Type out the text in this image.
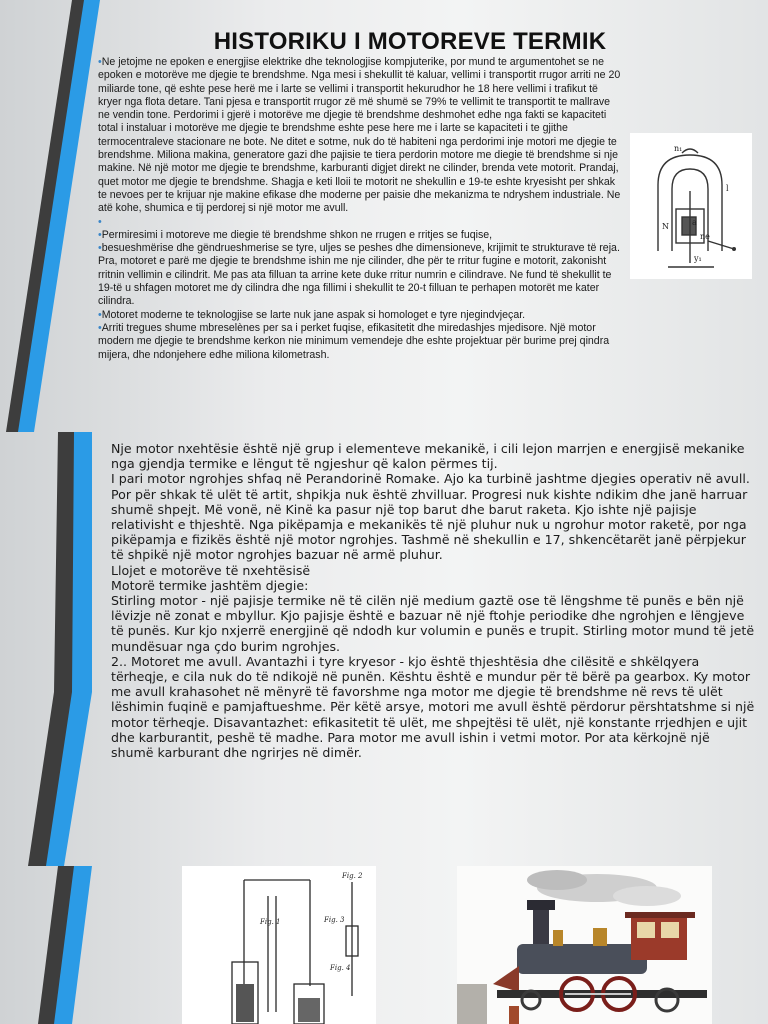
HISTORIKU I MOTOREVE TERMIK

•Ne jetojme ne epoken e energjise elektrike dhe teknologjise kompjuterike, por mund te argumentohet se ne epoken e motorëve me djegie te brendshme. Nga mesi i shekullit të kaluar, vellimi i transportit rrugor arriti ne 20 miliarde tone, që eshte pese herë me i larte se vellimi i transportit hekurudhor he 18 here vellimi i trafikut të kryer nga flota detare. Tani pjesa e transportit rrugor zë më shumë se 79% te vellimit te transportit te mallrave ne vendin tone. Perdorimi i gjerë i motorëve me djegie të brendshme deshmohet edhe nga fakti se kapaciteti total i instaluar i motorëve me djegie te brendshme eshte pese here me i larte se kapaciteti i te gjithe termocentraleve stacionare ne bote. Ne ditet e sotme, nuk do të habiteni nga perdorimi inje motori me djegie te brendshme. Miliona makina, generatore gazi dhe pajisie te tiera perdorin motore me diegie të brendshme si nje makine. Në një motor me djegie te brendshme, karburanti digjet direkt ne cilinder, brenda vete motorit. Prandaj, quet motor me djegie te brendshme. Shagja e keti lloii te motorit ne shekullin e 19-te eshte kryesisht per shkak te nevoes per te krijuar nje makine efikase dhe moderne per paisie dhe mekanizma te ndryshem industriale. Ne atë kohe, shumica e tij perdorej si një motor me avull.

•

•Permiresimi i motoreve me diegie të brendshme shkon ne rrugen e rritjes se fuqise,

•besueshmërise dhe gëndrueshmerise se tyre, uljes se peshes dhe dimensioneve, krijimit te strukturave të reja. Pra, motoret e parë me djegie te brendshme ishin me nje cilinder, dhe për te rritur fugine e motorit, zakonisht rritnin vellimin e cilindrit. Me pas ata filluan ta arrine kete duke rritur numrin e cilindrave. Ne fund të shekullit te 19-të u shfagen motoret me dy cilindra dhe nga fillimi i shekullit te 20-t filluan te perhapen motorët me kater cilindra.

•Motoret moderne te teknologjise se larte nuk jane aspak si homologet e tyre njegindvjeçar.

•Arriti tregues shume mbreselènes per sa i perket fuqise, efikasitetit dhe miredashjes mjedisore. Një motor modern me djegie te brendshme kerkon nie minimum vemendeje dhe eshte projektuar për burime prej qindra mijera, dhe ndonjehere edhe miliona kilometrash.

n₁
a
ne
y₁
N
l

Nje motor nxehtësie është një grup i elementeve mekanikë, i cili lejon marrjen e energjisë mekanike nga gjendja termike e lëngut të ngjeshur që kalon përmes tij.

I pari motor ngrohjes shfaq në Perandorinë Romake. Ajo ka turbinë jashtme djegies operativ në avull. Por për shkak të ulët të artit, shpikja nuk është zhvilluar. Progresi nuk kishte ndikim dhe janë harruar shumë shpejt. Më vonë, në Kinë ka pasur një top barut dhe barut raketa. Kjo ishte një pajisje relativisht e thjeshtë. Nga pikëpamja e mekanikës të një pluhur nuk u ngrohur motor raketë, por nga pikëpamja e fizikës është një motor ngrohjes. Tashmë në shekullin e 17, shkencëtarët janë përpjekur të shpikë një motor ngrohjes bazuar në armë pluhur.

Llojet e motorëve të nxehtësisë

Motorë termike jashtëm djegie:

Stirling motor - një pajisje termike në të cilën një medium gaztë ose të lëngshme të punës e bën një lëvizje në zonat e mbyllur. Kjo pajisje është e bazuar në një ftohje periodike dhe ngrohjen e lëngjeve të punës. Kur kjo nxjerrë energjinë që ndodh kur volumin e punës e trupit. Stirling motor mund të jetë mundësuar nga çdo burim ngrohjes.

2.. Motoret me avull. Avantazhi i tyre kryesor - kjo është thjeshtësia dhe cilësitë e shkëlqyera tërheqje, e cila nuk do të ndikojë në punën. Kështu është e mundur për të bërë pa gearbox. Ky motor me avull krahasohet në mënyrë të favorshme nga motor me djegie të brendshme në revs të ulët lëshimin fuqinë e pamjaftueshme. Për këtë arsye, motori me avull është përdorur përshtatshme si një motor tërheqje. Disavantazhet: efikasitetit të ulët, me shpejtësi të ulët, një konstante rrjedhjen e ujit dhe karburantit, peshë të madhe. Para motor me avull ishin i vetmi motor. Por ata kërkojnë një shumë karburant dhe ngrirjes në dimër.

Fig. 1
Fig. 2
Fig. 3
Fig. 4
